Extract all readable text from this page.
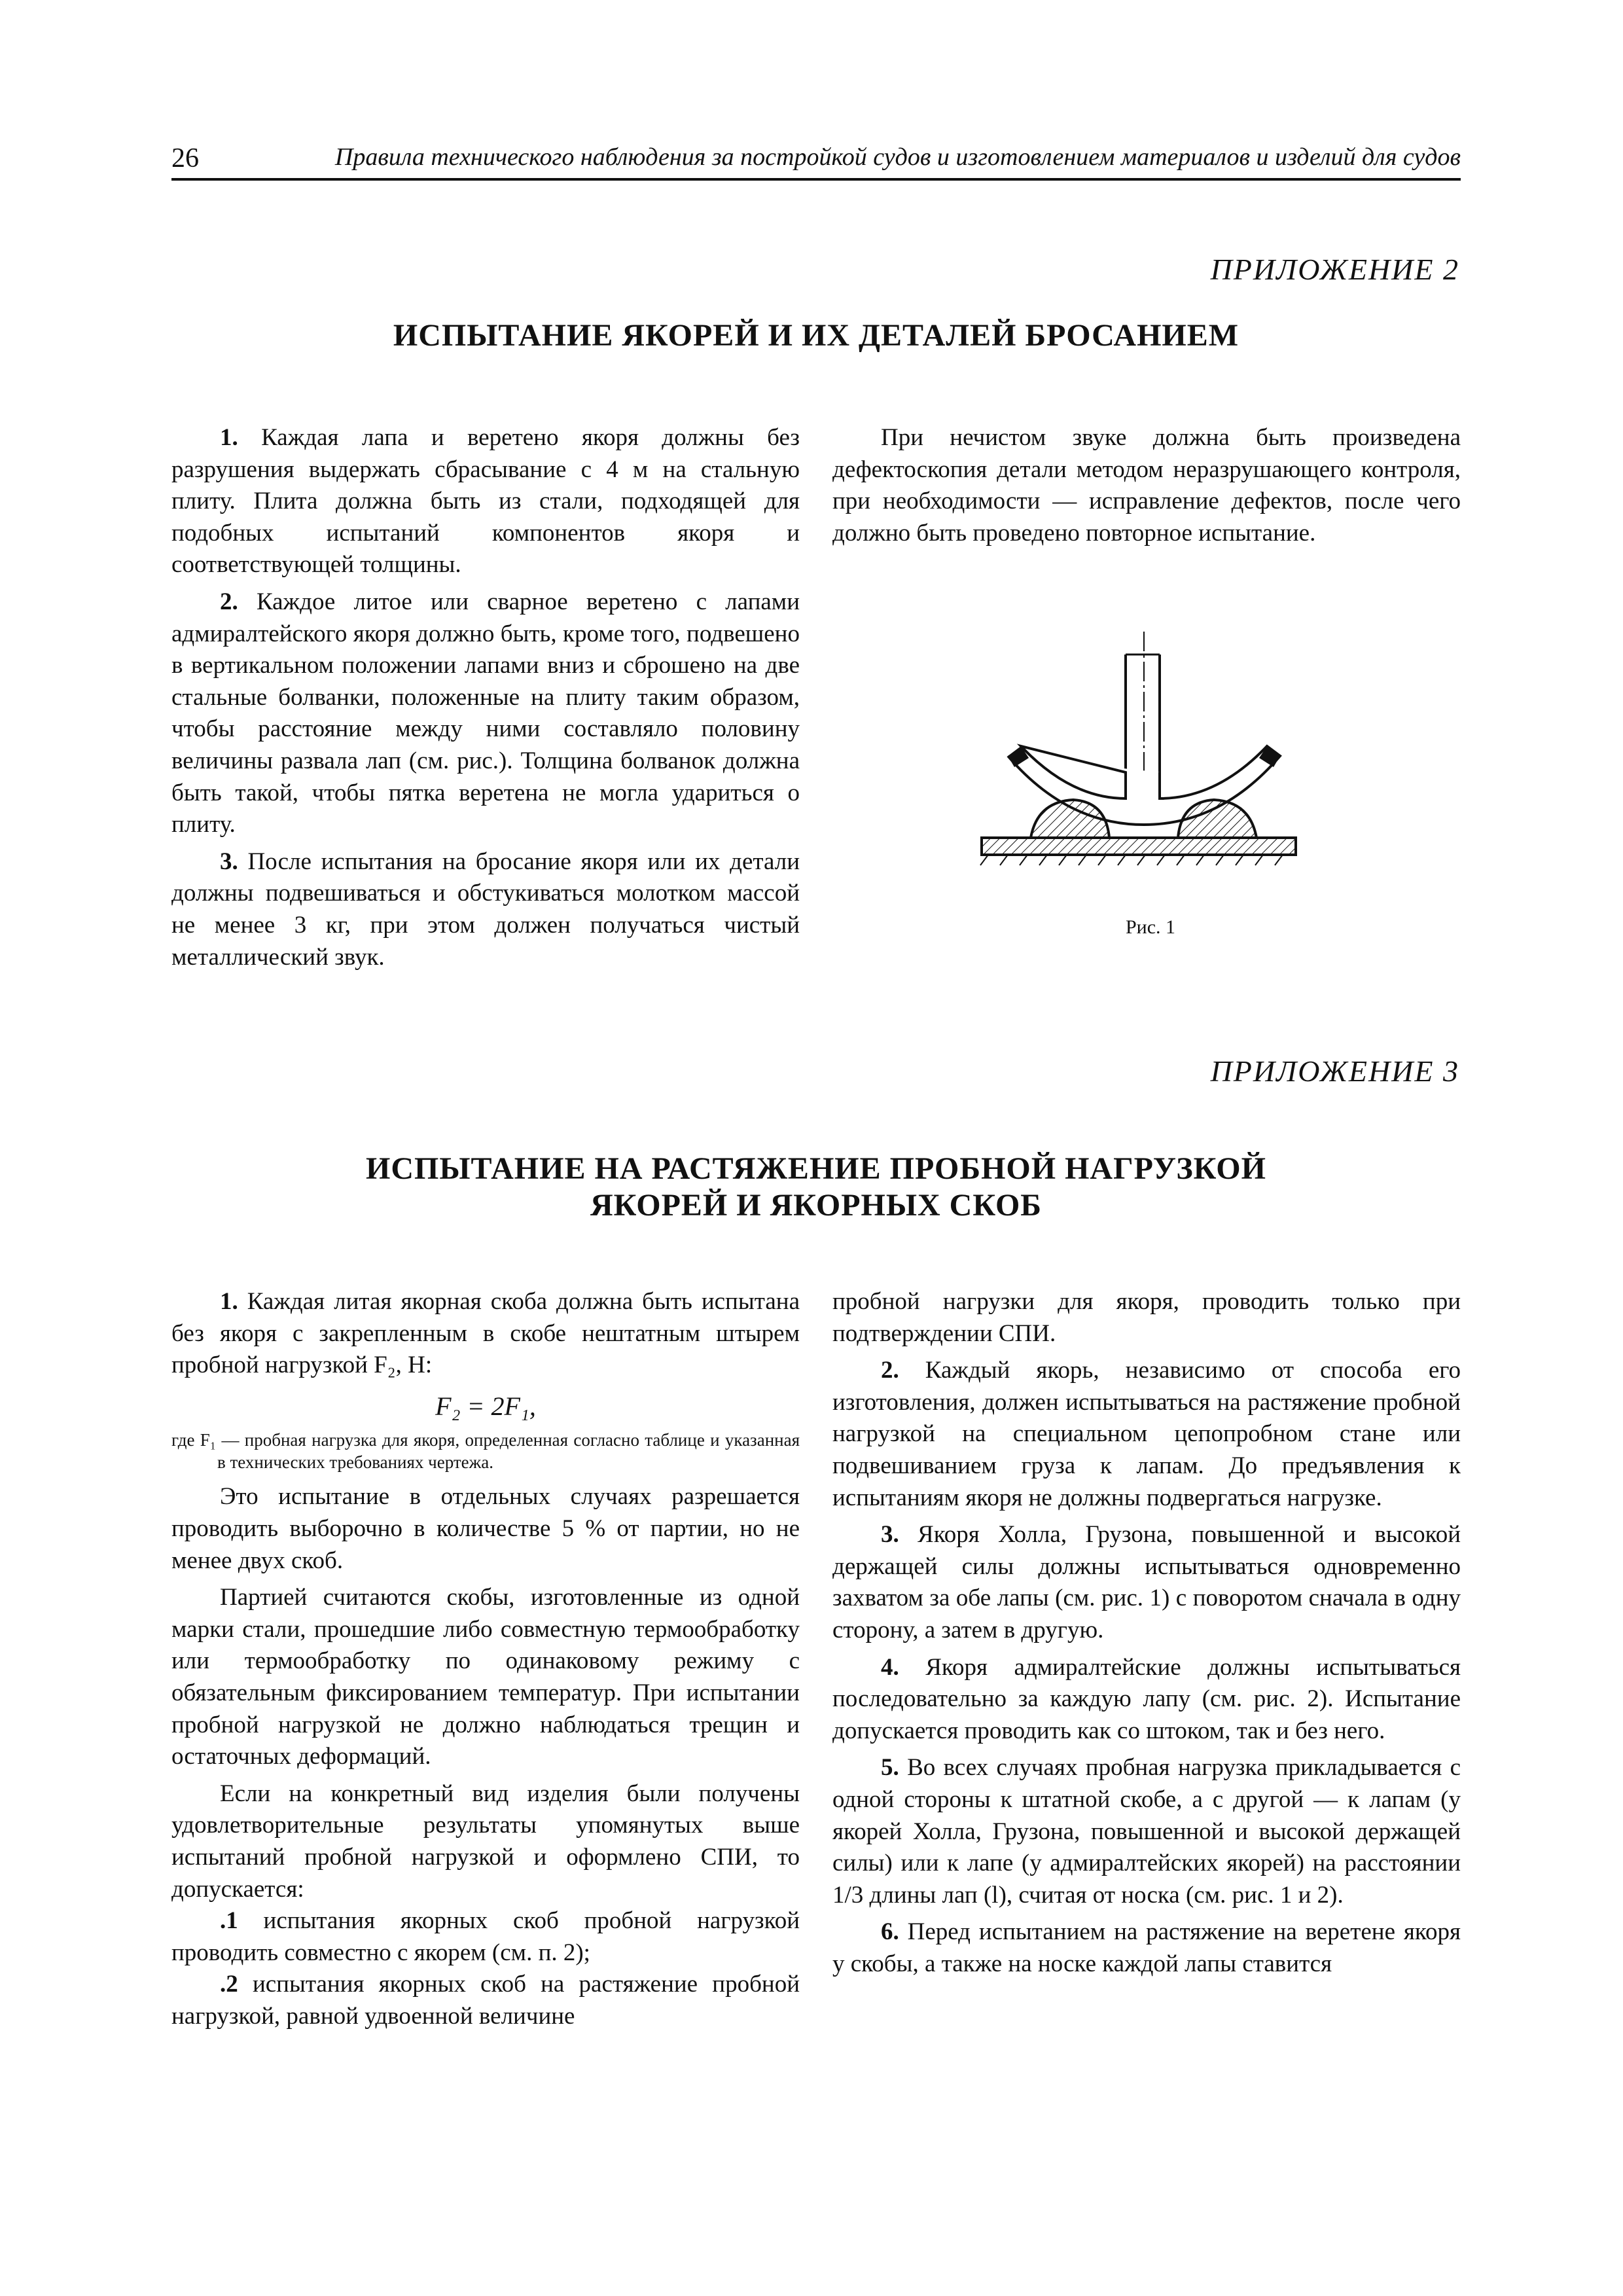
26	Правила технического наблюдения за постройкой судов и изготовлением материалов и изделий для судов
ПРИЛОЖЕНИЕ 2
ИСПЫТАНИЕ ЯКОРЕЙ И ИХ ДЕТАЛЕЙ БРОСАНИЕМ

1. Каждая лапа и веретено якоря должны без разрушения выдержать сбрасывание с 4 м на стальную плиту. Плита должна быть из стали, подходящей для подобных испытаний компонентов якоря и соответствующей толщины.

2. Каждое литое или сварное веретено с лапами адмиралтейского якоря должно быть, кроме того, подвешено в вертикальном положении лапами вниз и сброшено на две стальные болванки, положенные на плиту таким образом, чтобы расстояние между ними составляло половину величины развала лап (см. рис.). Толщина болванок должна быть такой, чтобы пятка веретена не могла удариться о плиту.

3. После испытания на бросание якоря или их детали должны подвешиваться и обстукиваться молотком массой не менее 3 кг, при этом должен получаться чистый металлический звук.

При нечистом звуке должна быть произведена дефектоскопия детали методом неразрушающего контроля, при необходимости — исправление дефектов, после чего должно быть проведено повторное испытание.

Рис. 1
ПРИЛОЖЕНИЕ 3
ИСПЫТАНИЕ НА РАСТЯЖЕНИЕ ПРОБНОЙ НАГРУЗКОЙ
ЯКОРЕЙ И ЯКОРНЫХ СКОБ

1. Каждая литая якорная скоба должна быть испытана без якоря с закрепленным в скобе нештатным штырем пробной нагрузкой F₂, Н:

F₂ = 2F₁,
где F₁ — пробная нагрузка для якоря, определенная согласно таблице и указанная в технических требованиях чертежа.

Это испытание в отдельных случаях разрешается проводить выборочно в количестве 5 % от партии, но не менее двух скоб.

Партией считаются скобы, изготовленные из одной марки стали, прошедшие либо совместную термообработку или термообработку по одинаковому режиму с обязательным фиксированием температур. При испытании пробной нагрузкой не должно наблюдаться трещин и остаточных деформаций.

Если на конкретный вид изделия были получены удовлетворительные результаты упомянутых выше испытаний пробной нагрузкой и оформлено СПИ, то допускается:

.1 испытания якорных скоб пробной нагрузкой проводить совместно с якорем (см. п. 2);

.2 испытания якорных скоб на растяжение пробной нагрузкой, равной удвоенной величине

пробной нагрузки для якоря, проводить только при подтверждении СПИ.

2. Каждый якорь, независимо от способа его изготовления, должен испытываться на растяжение пробной нагрузкой на специальном цепопробном стане или подвешиванием груза к лапам. До предъявления к испытаниям якоря не должны подвергаться нагрузке.

3. Якоря Холла, Грузона, повышенной и высокой держащей силы должны испытываться одновременно захватом за обе лапы (см. рис. 1) с поворотом сначала в одну сторону, а затем в другую.

4. Якоря адмиралтейские должны испытываться последовательно за каждую лапу (см. рис. 2). Испытание допускается проводить как со штоком, так и без него.

5. Во всех случаях пробная нагрузка прикладывается с одной стороны к штатной скобе, а с другой — к лапам (у якорей Холла, Грузона, повышенной и высокой держащей силы) или к лапе (у адмиралтейских якорей) на расстоянии 1/3 длины лап (l), считая от носка (см. рис. 1 и 2).

6. Перед испытанием на растяжение на веретене якоря у скобы, а также на носке каждой лапы ставится
